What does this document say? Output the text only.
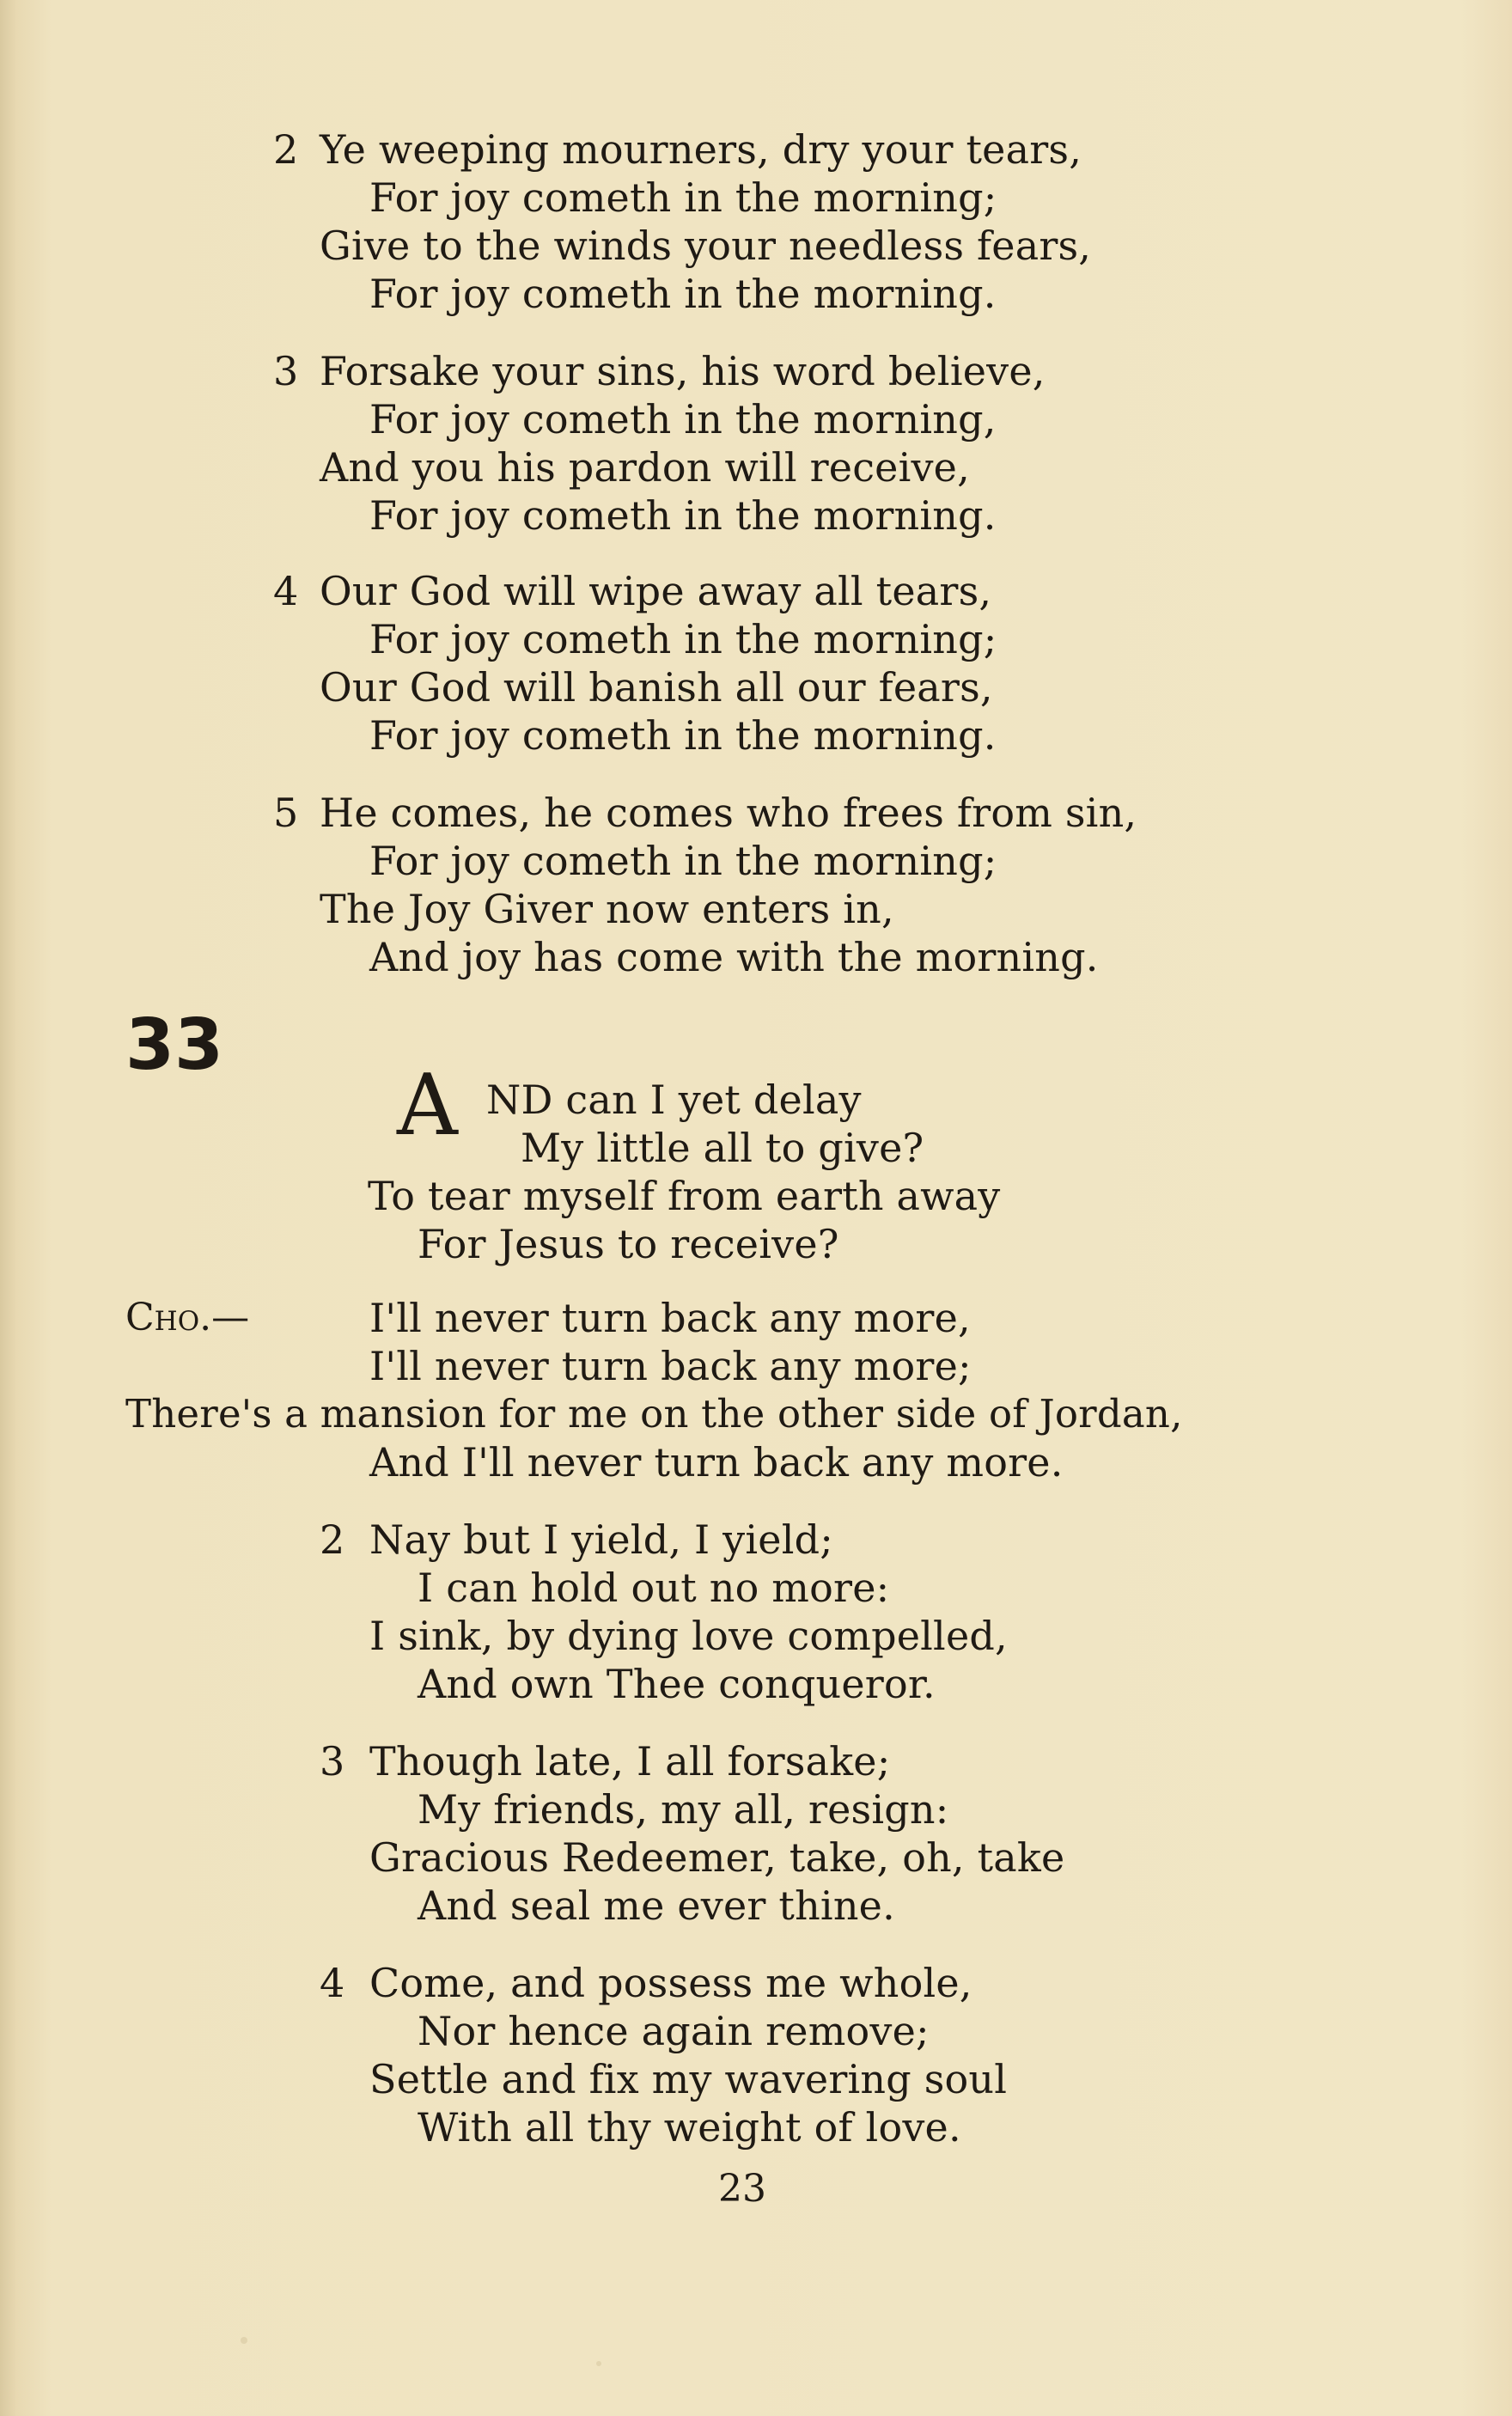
2 Ye weeping mourners, dry your tears,
For joy cometh in the morning;
Give to the winds your needless fears,
For joy cometh in the morning.
3 Forsake your sins, his word believe,
For joy cometh in the morning,
And you his pardon will receive,
For joy cometh in the morning.
4 Our God will wipe away all tears,
For joy cometh in the morning;
Our God will banish all our fears,
For joy cometh in the morning.
5 He comes, he comes who frees from sin,
For joy cometh in the morning;
The Joy Giver now enters in,
And joy has come with the morning.
33
A ND can I yet delay
My little all to give?
To tear myself from earth away
For Jesus to receive?
Cho.—	I'll never turn back any more,
I'll never turn back any more;
There's a mansion for me on the other side of Jordan,
And I'll never turn back any more.
2 Nay but I yield, I yield;
I can hold out no more:
I sink, by dying love compelled,
And own Thee conqueror.
3 Though late, I all forsake;
My friends, my all, resign:
Gracious Redeemer, take, oh, take
And seal me ever thine.
4 Come, and possess me whole,
Nor hence again remove;
Settle and fix my wavering soul
With all thy weight of love.
23
